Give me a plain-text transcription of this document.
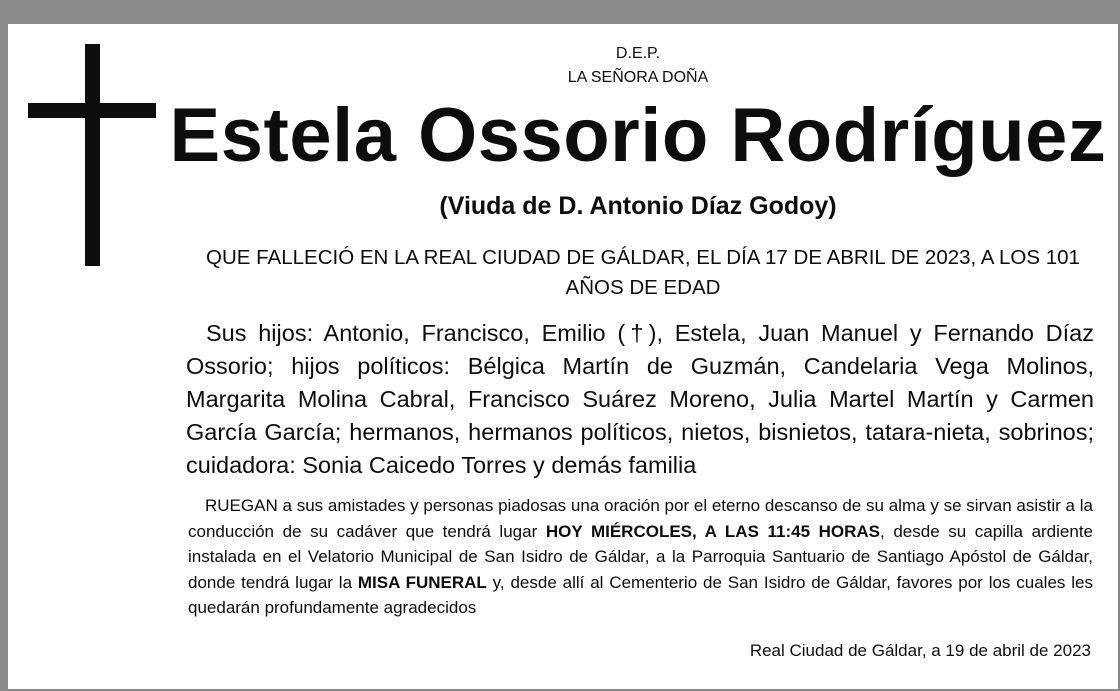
D.E.P.
LA SEÑORA DOÑA
Estela Ossorio Rodríguez
(Viuda de D. Antonio Díaz Godoy)
QUE FALLECIÓ EN LA REAL CIUDAD DE GÁLDAR, EL DÍA 17 DE ABRIL DE 2023, A LOS 101 AÑOS DE EDAD
Sus hijos: Antonio, Francisco, Emilio (†), Estela, Juan Manuel y Fernando Díaz Ossorio; hijos políticos: Bélgica Martín de Guzmán, Candelaria Vega Molinos, Margarita Molina Cabral, Francisco Suárez Moreno, Julia Martel Martín y Carmen García García; hermanos, hermanos políticos, nietos, bisnietos, tatara-nieta, sobrinos; cuidadora: Sonia Caicedo Torres y demás familia
RUEGAN a sus amistades y personas piadosas una oración por el eterno descanso de su alma y se sirvan asistir a la conducción de su cadáver que tendrá lugar HOY MIÉRCOLES, A LAS 11:45 HORAS, desde su capilla ardiente instalada en el Velatorio Municipal de San Isidro de Gáldar, a la Parroquia Santuario de Santiago Apóstol de Gáldar, donde tendrá lugar la MISA FUNERAL y, desde allí al Cementerio de San Isidro de Gáldar, favores por los cuales les quedarán profundamente agradecidos
Real Ciudad de Gáldar, a 19 de abril de 2023
